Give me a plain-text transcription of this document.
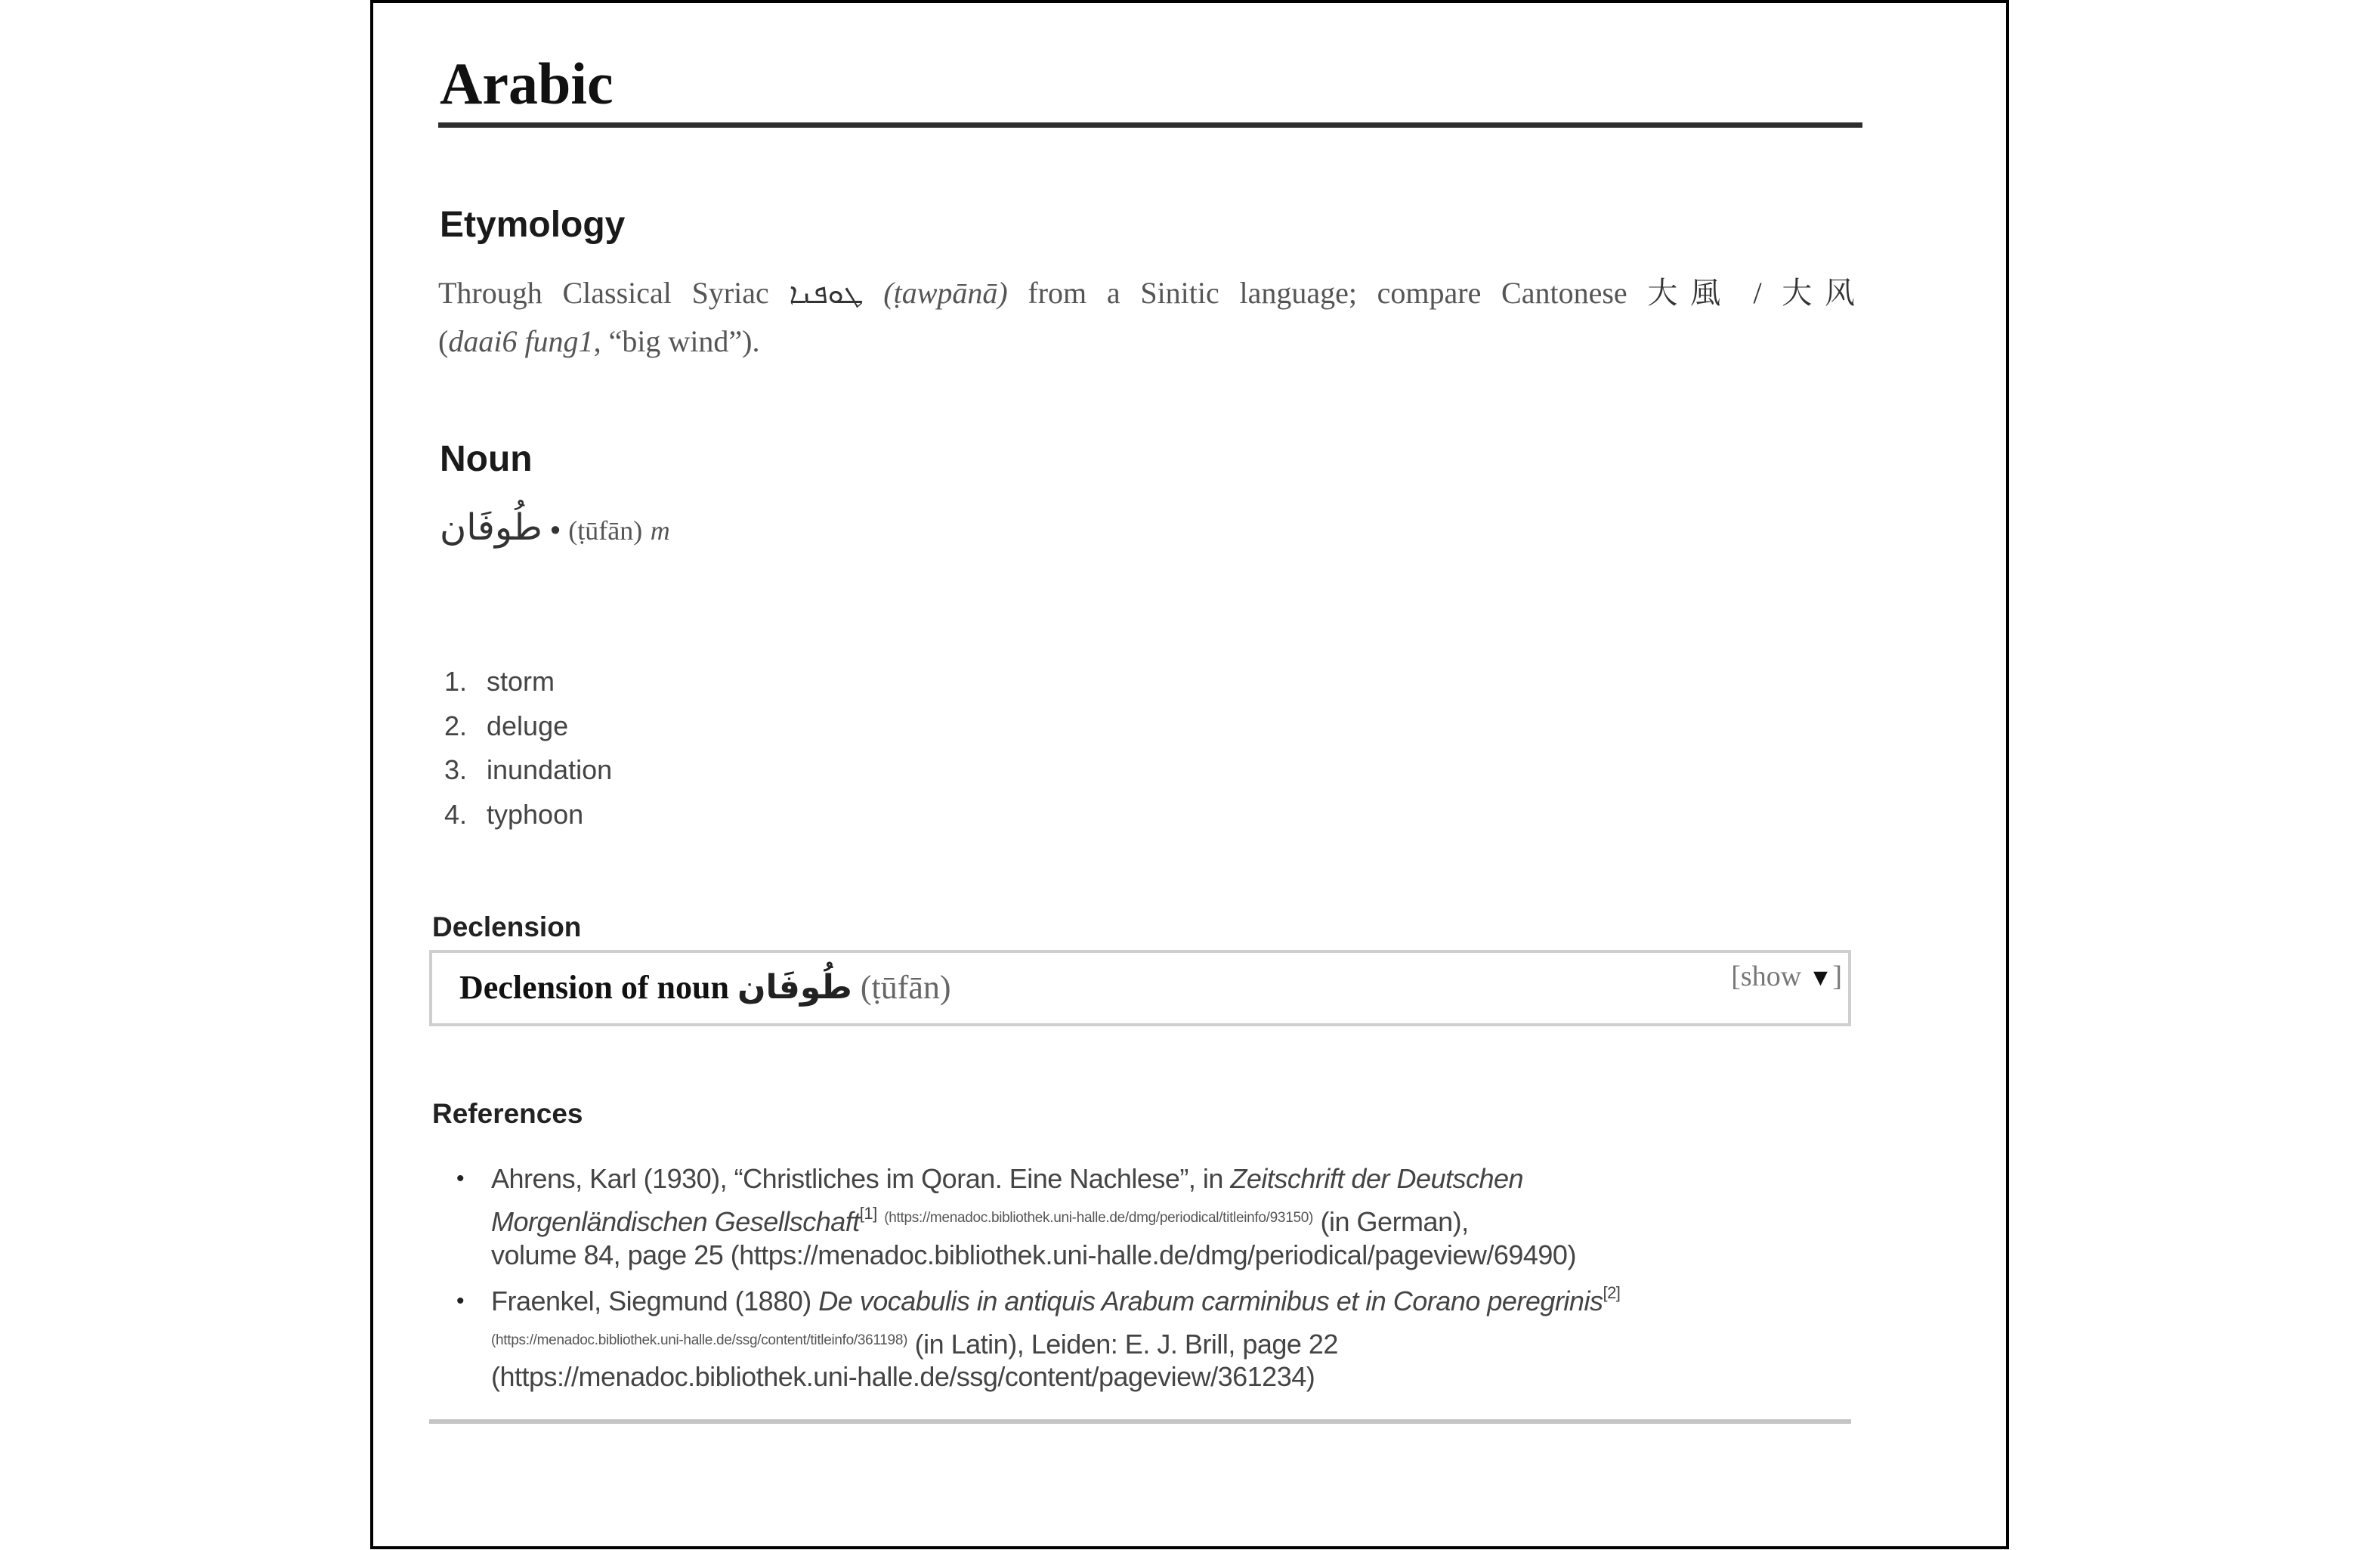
Arabic
Etymology
Through Classical Syriac ܛܘܦܢܐ (ṭawpānā) from a Sinitic language; compare Cantonese 大風 / 大风
(daai6 fung1, “big wind”).
Noun
طُوفَان • (ṭūfān) m
1. storm
2. deluge
3. inundation
4. typhoon
Declension
Declension of noun طُوفَان (ṭūfān)	[show ▼]
References
• Ahrens, Karl (1930), “Christliches im Qoran. Eine Nachlese”, in Zeitschrift der Deutschen
Morgenländischen Gesellschaft[1] $^{(https://menadoc.bibliothek.uni-halle.de/dmg/periodical/titleinfo/93150)}$ (in German),
volume 84, page 25 (https://menadoc.bibliothek.uni-halle.de/dmg/periodical/pageview/69490)
• Fraenkel, Siegmund (1880) De vocabulis in antiquis Arabum carminibus et in Corano peregrinis[2]
$^{(https://menadoc.bibliothek.uni-halle.de/ssg/content/titleinfo/361198)}$ (in Latin), Leiden: E. J. Brill, page 22
(https://menadoc.bibliothek.uni-halle.de/ssg/content/pageview/361234)
